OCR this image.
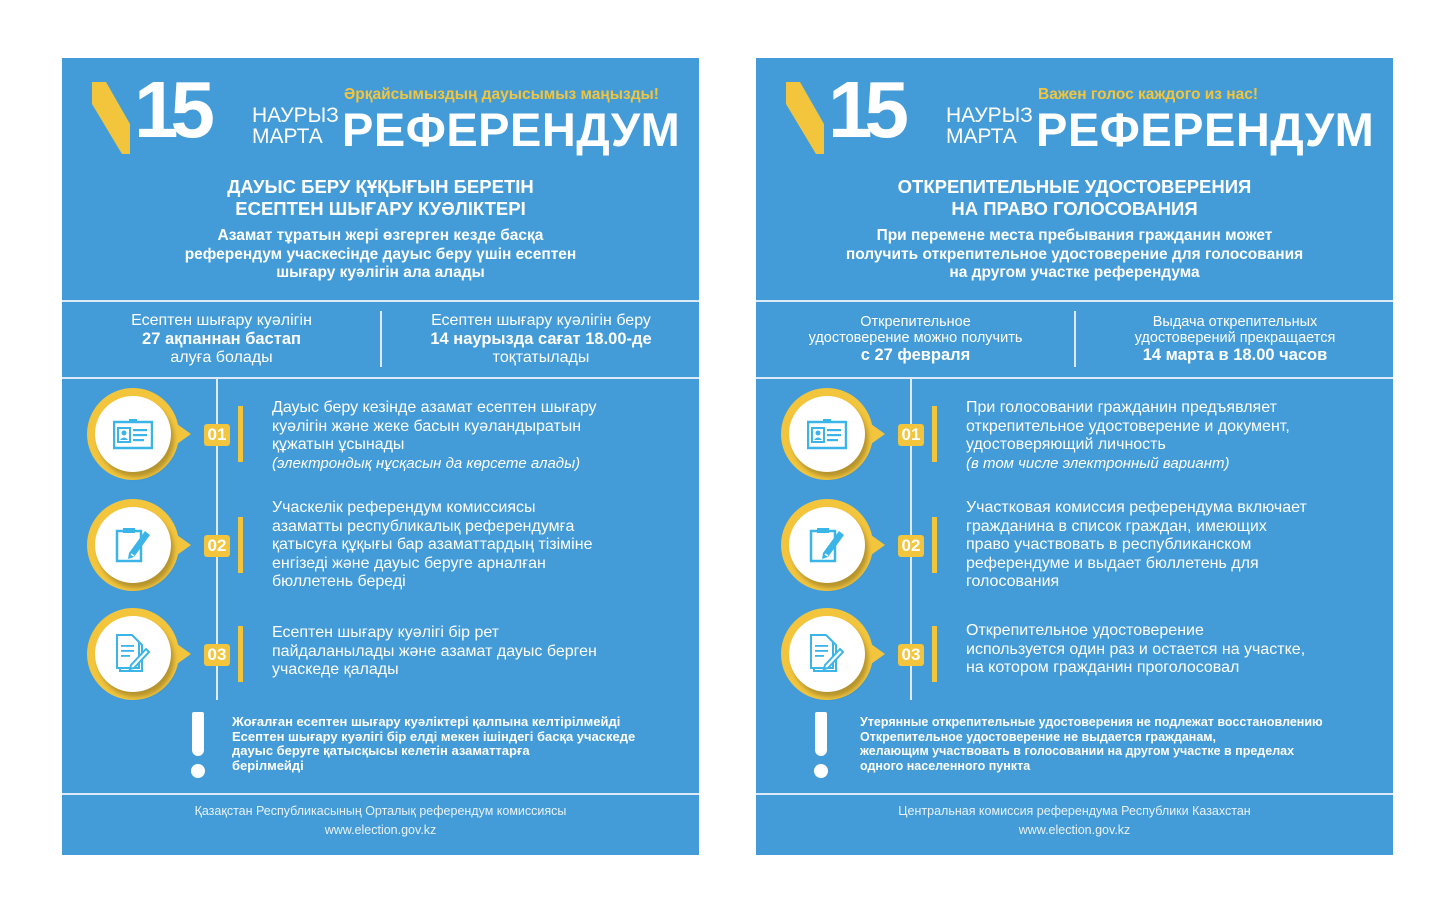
15 НАУРЫЗ
МАРТА
Әрқайсымыздың дауысымыз маңызды!
РЕФЕРЕНДУМ
ДАУЫС БЕРУ ҚҰҚЫҒЫН БЕРЕТІН
ЕСЕПТЕН ШЫҒАРУ КУӘЛІКТЕРІ
Азамат тұратын жері өзгерген кезде басқа
референдум учаскесінде дауыс беру үшін есептен
шығару куәлігін ала алады
Есептен шығару куәлігін
27 ақпаннан бастап
алуға болады
Есептен шығару куәлігін беру
14 наурызда сағат 18.00-де
тоқтатылады
01
Дауыс беру кезінде азамат есептен шығару
куәлігін және жеке басын куәландыратын
құжатын ұсынады
(электрондық нұсқасын да көрсете алады)
02
Учаскелік референдум комиссиясы
азаматты республикалық референдумға
қатысуға құқығы бар азаматтардың тізіміне
енгізеді және дауыс беруге арналған
бюллетень береді
03
Есептен шығару куәлігі бір рет
пайдаланылады және азамат дауыс берген
учаскеде қалады
Жоғалған есептен шығару куәліктері қалпына келтірілмейді
Есептен шығару куәлігі бір елді мекен ішіндегі басқа учаскеде
дауыс беруге қатысқысы келетін азаматтарға
берілмейді
Қазақстан Республикасының Орталық референдум комиссиясы
www.election.gov.kz
15 НАУРЫЗ
МАРТА
Важен голос каждого из нас!
РЕФЕРЕНДУМ
ОТКРЕПИТЕЛЬНЫЕ УДОСТОВЕРЕНИЯ
НА ПРАВО ГОЛОСОВАНИЯ
При перемене места пребывания гражданин может
получить открепительное удостоверение для голосования
на другом участке референдума
Открепительное
удостоверение можно получить
с 27 февраля
Выдача открепительных
удостоверений прекращается
14 марта в 18.00 часов
01
При голосовании гражданин предъявляет
открепительное удостоверение и документ,
удостоверяющий личность
(в том числе электронный вариант)
02
Участковая комиссия референдума включает
гражданина в список граждан, имеющих
право участвовать в республиканском
референдуме и выдает бюллетень для
голосования
03
Открепительное удостоверение
используется один раз и остается на участке,
на котором гражданин проголосовал
Утерянные открепительные удостоверения не подлежат восстановлению
Открепительное удостоверение не выдается гражданам,
желающим участвовать в голосовании на другом участке в пределах
одного населенного пункта
Центральная комиссия референдума Республики Казахстан
www.election.gov.kz
